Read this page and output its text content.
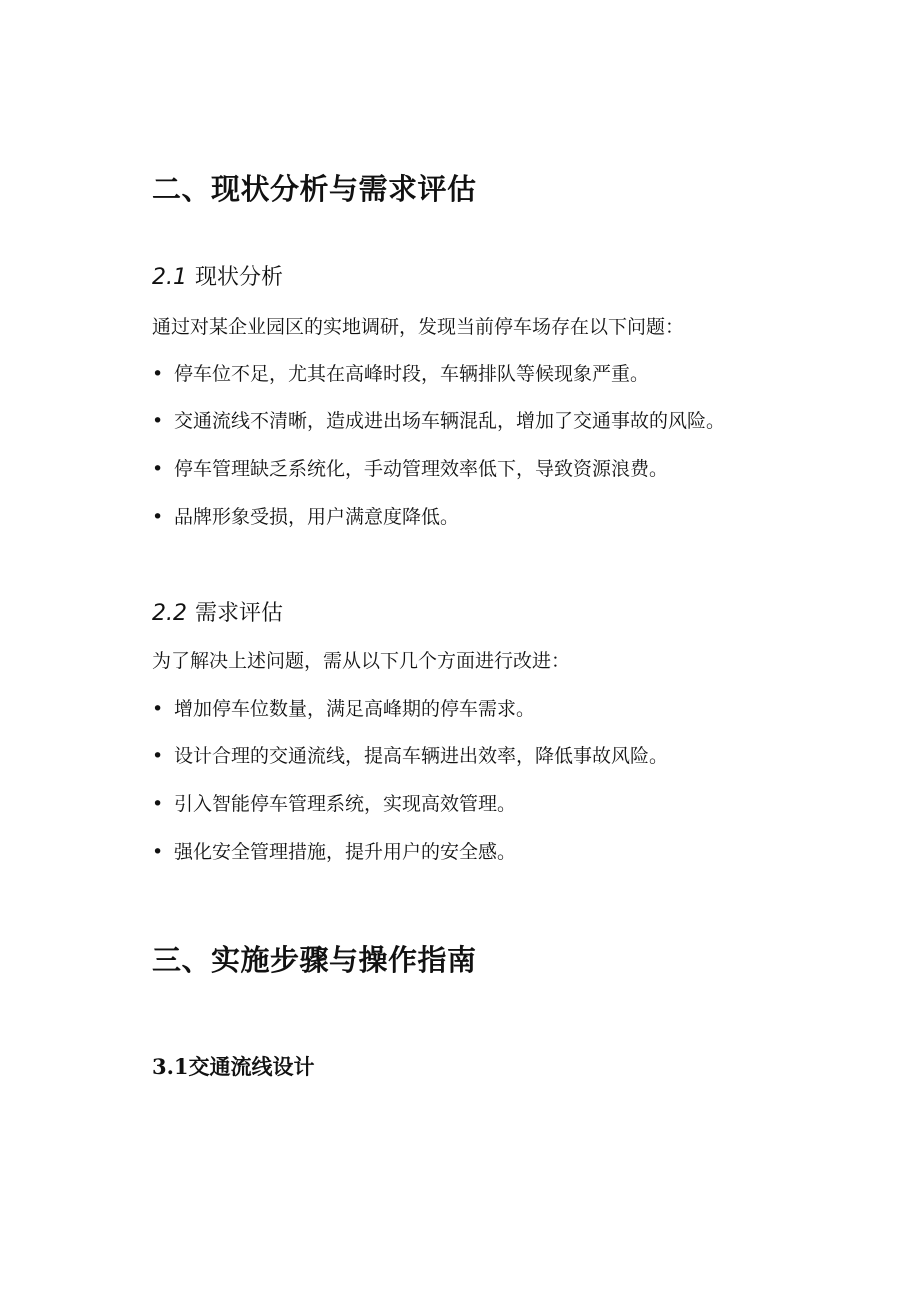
二、现状分析与需求评估
2.1 现状分析
通过对某企业园区的实地调研，发现当前停车场存在以下问题：
• 停车位不足，尤其在高峰时段，车辆排队等候现象严重。
• 交通流线不清晰，造成进出场车辆混乱，增加了交通事故的风险。
• 停车管理缺乏系统化，手动管理效率低下，导致资源浪费。
• 品牌形象受损，用户满意度降低。
2.2 需求评估
为了解决上述问题，需从以下几个方面进行改进：
• 增加停车位数量，满足高峰期的停车需求。
• 设计合理的交通流线，提高车辆进出效率，降低事故风险。
• 引入智能停车管理系统，实现高效管理。
• 强化安全管理措施，提升用户的安全感。
三、实施步骤与操作指南
3.1交通流线设计
